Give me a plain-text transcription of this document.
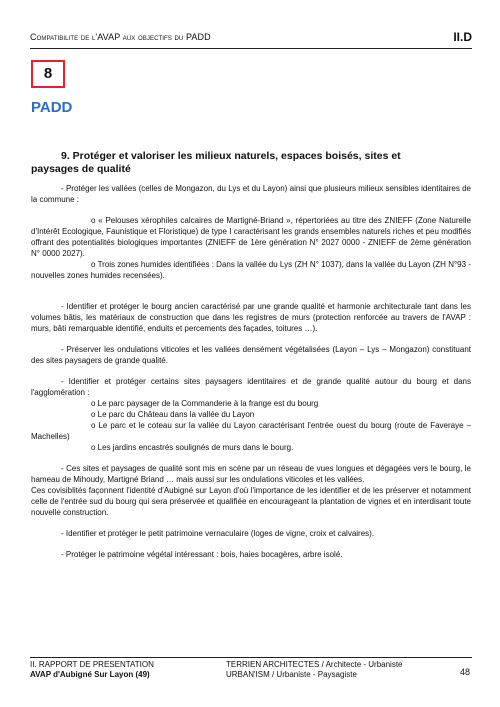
Compatibilite de l'AVAP aux objectifs du PADD	II.D
8
PADD
9. Protéger et valoriser les milieux naturels, espaces boisés, sites et
paysages de qualité

- Protéger les vallées (celles de Mongazon, du Lys et du Layon) ainsi que plusieurs milieux sensibles identitaires de la commune :

o « Pelouses xérophiles calcaires de Martigné-Briand », répertoriées au titre des ZNIEFF (Zone Naturelle d'Intérêt Ecologique, Faunistique et Floristique) de type I caractérisant les grands ensembles naturels riches et peu modifiés offrant des potentialités biologiques importantes (ZNIEFF de 1ère génération N° 2027 0000 - ZNIEFF de 2ème génération N° 0000 2027).

o Trois zones humides identifiées : Dans la vallée du Lys (ZH N° 1037), dans la vallée du Layon (ZH N°93 - nouvelles zones humides recensées).

- Identifier et protéger le bourg ancien caractérisé par une grande qualité et harmonie architecturale tant dans les volumes bâtis, les matériaux de construction que dans les registres de murs (protection renforcée au travers de l'AVAP : murs, bâti remarquable identifié, enduits et percements des façades, toitures …).

- Préserver les ondulations viticoles et les vallées densément végétalisées (Layon – Lys – Mongazon) constituant des sites paysagers de grande qualité.

- Identifier et protéger certains sites paysagers identitaires et de grande qualité autour du bourg et dans l'agglomération :

o Le parc paysager de la Commanderie à la frange est du bourg

o Le parc du Château dans la vallée du Layon

o Le parc et le coteau sur la vallée du Layon caractérisant l'entrée ouest du bourg (route de Faveraye – Machelles)

o Les jardins encastrés soulignés de murs dans le bourg.

- Ces sites et paysages de qualité sont mis en scène par un réseau de vues longues et dégagées vers le bourg, le hameau de Mihoudy, Martigné Briand … mais aussi sur les ondulations viticoles et les vallées.

Ces covisiblités façonnent l'identité d'Aubigné sur Layon d'où l'importance de les identifier et de les préserver et notamment celle de l'entrée sud du bourg qui sera préservée et qualifiée en encourageant la plantation de vignes et en interdisant toute nouvelle construction.

- Identifier et protéger le petit patrimoine vernaculaire (loges de vigne, croix et calvaires).

- Protéger le patrimoine végétal intéressant : bois, haies bocagères, arbre isolé.

II. RAPPORT DE PRESENTATION
AVAP d'Aubigné Sur Layon (49)
TERRIEN ARCHITECTES / Architecte - Urbaniste
URBAN'ISM / Urbaniste - Paysagiste	48
